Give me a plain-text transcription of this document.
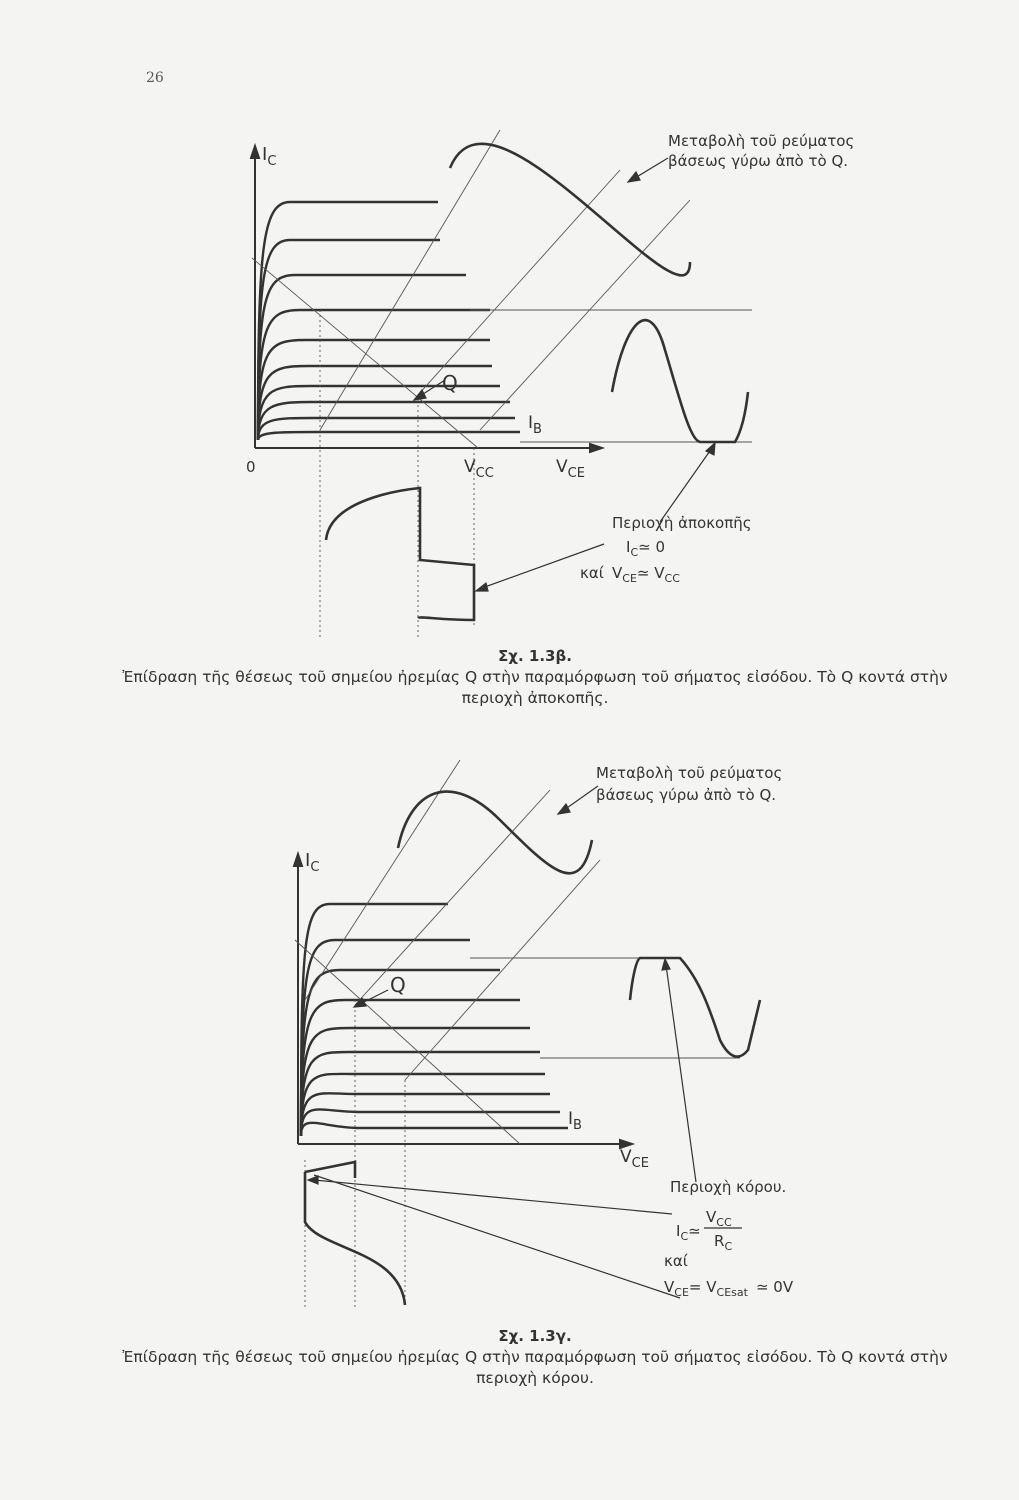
26
$I_C$
0	$V_{CC}$	$V_{CE}$
$I_B$
Q
Μεταβολὴ τοῦ ρεύματος
βάσεως γύρω ἀπὸ τὸ Q.
Περιοχὴ ἀποκοπῆς
$I_C≃$ 0
καί $V_{CE}≃$ $V_{CC}$
Σχ. 1.3β.
Ἐπίδραση τῆς θέσεως τοῦ σημείου ἠρεμίας Q στὴν παραμόρφωση τοῦ σήματος εἰσόδου. Τὸ Q κοντά στὴν περιοχὴ ἀποκοπῆς.
$I_C$
$V_{CE}$
$I_B$
Q
Μεταβολὴ τοῦ ρεύματος
βάσεως γύρω ἀπὸ τὸ Q.
Περιοχὴ κόρου.
$I_C≃$
$V_{CC}$
$R_C$
καί
$V_{CE}= V_{CEsat}$ ≃ 0V
Σχ. 1.3γ.
Ἐπίδραση τῆς θέσεως τοῦ σημείου ἠρεμίας Q στὴν παραμόρφωση τοῦ σήματος εἰσόδου. Τὸ Q κοντά στὴν περιοχὴ κόρου.
